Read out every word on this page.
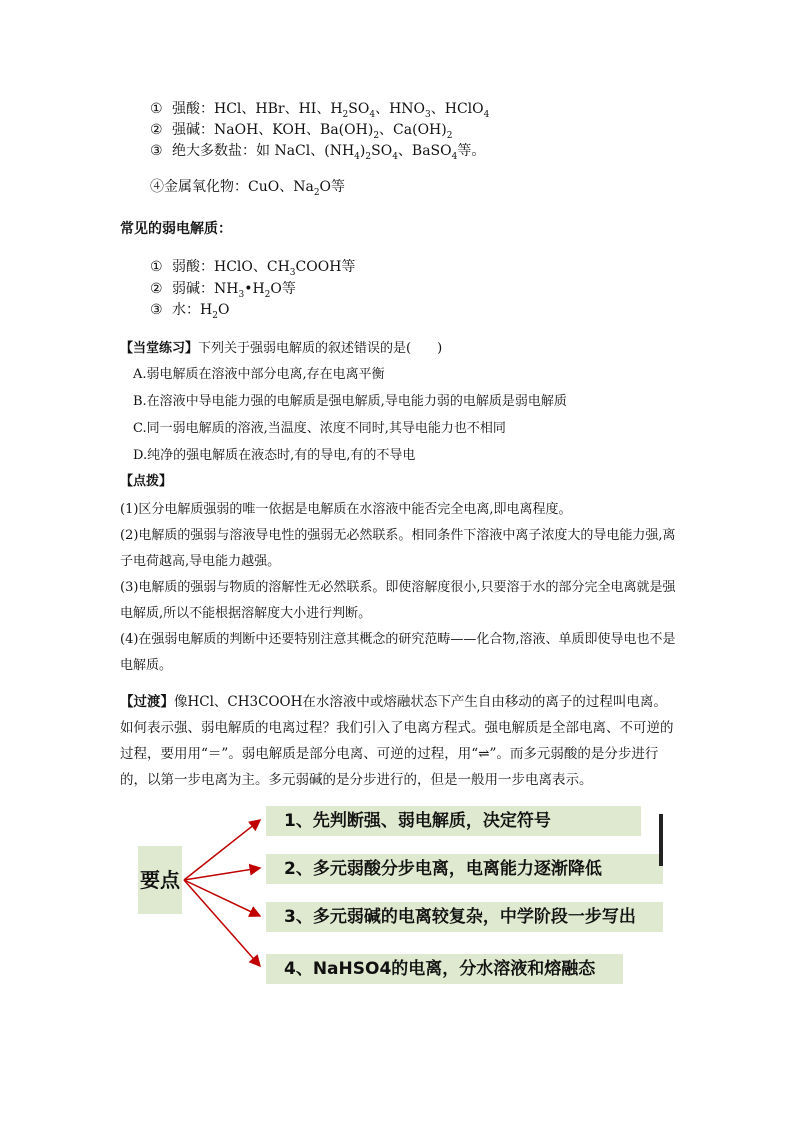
① 强酸：HCl、HBr、HI、$H_2SO_4$、$HNO_3$、HClO$_4$
② 强碱：NaOH、KOH、$Ba(OH)_2$、$Ca(OH)_2$
③ 绝大多数盐：如 NaCl、$(NH_4)_2SO_4$、BaSO$_4$等。
④金属氧化物：CuO、$Na_2O$等
常见的弱电解质：
① 弱酸：HClO、$CH_3COOH$等
② 弱碱：$NH_3•H_2O$等
③ 水：$H_2O$
【当堂练习】下列关于强弱电解质的叙述错误的是(　　)
A.弱电解质在溶液中部分电离,存在电离平衡
B.在溶液中导电能力强的电解质是强电解质,导电能力弱的电解质是弱电解质
C.同一弱电解质的溶液,当温度、浓度不同时,其导电能力也不相同
D.纯净的强电解质在液态时,有的导电,有的不导电
【点拨】

(1)区分电解质强弱的唯一依据是电解质在水溶液中能否完全电离,即电离程度。

(2)电解质的强弱与溶液导电性的强弱无必然联系。相同条件下溶液中离子浓度大的导电能力强,离子电荷越高,导电能力越强。

(3)电解质的强弱与物质的溶解性无必然联系。即使溶解度很小,只要溶于水的部分完全电离就是强电解质,所以不能根据溶解度大小进行判断。

(4)在强弱电解质的判断中还要特别注意其概念的研究范畴——化合物,溶液、单质即使导电也不是电解质。

【过渡】像HCl、CH3COOH在水溶液中或熔融状态下产生自由移动的离子的过程叫电离。如何表示强、弱电解质的电离过程？我们引入了电离方程式。强电解质是全部电离、不可逆的过程，要用用“＝”。弱电解质是部分电离、可逆的过程，用“⇌”。而多元弱酸的是分步进行的，以第一步电离为主。多元弱碱的是分步进行的，但是一般用一步电离表示。
要点
1、先判断强、弱电解质，决定符号
2、多元弱酸分步电离，电离能力逐渐降低
3、多元弱碱的电离较复杂，中学阶段一步写出
4、NaHSO4的电离，分水溶液和熔融态
